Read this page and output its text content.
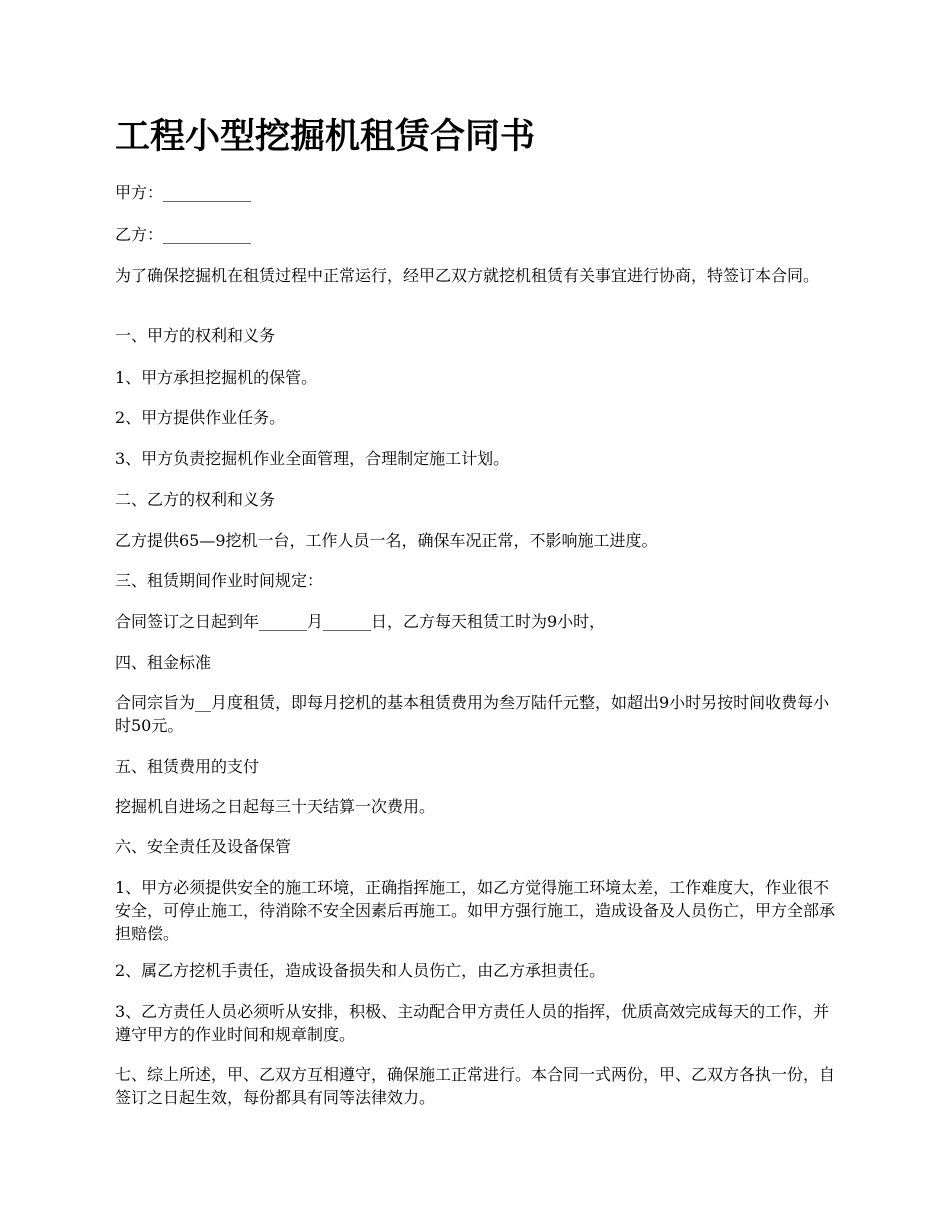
工程小型挖掘机租赁合同书

甲方：___________

乙方：___________

为了确保挖掘机在租赁过程中正常运行，经甲乙双方就挖机租赁有关事宜进行协商，特签订本合同。

一、甲方的权利和义务

1、甲方承担挖掘机的保管。

2、甲方提供作业任务。

3、甲方负责挖掘机作业全面管理，合理制定施工计划。

二、乙方的权利和义务

乙方提供65—9挖机一台，工作人员一名，确保车况正常，不影响施工进度。

三、租赁期间作业时间规定：

合同签订之日起到年______月______日，乙方每天租赁工时为9小时，

四、租金标准

合同宗旨为__月度租赁，即每月挖机的基本租赁费用为叁万陆仟元整，如超出9小时另按时间收费每小时50元。

五、租赁费用的支付

挖掘机自进场之日起每三十天结算一次费用。

六、安全责任及设备保管

1、甲方必须提供安全的施工环境，正确指挥施工，如乙方觉得施工环境太差，工作难度大，作业很不安全，可停止施工，待消除不安全因素后再施工。如甲方强行施工，造成设备及人员伤亡，甲方全部承担赔偿。

2、属乙方挖机手责任，造成设备损失和人员伤亡，由乙方承担责任。

3、乙方责任人员必须听从安排，积极、主动配合甲方责任人员的指挥，优质高效完成每天的工作，并遵守甲方的作业时间和规章制度。

七、综上所述，甲、乙双方互相遵守，确保施工正常进行。本合同一式两份，甲、乙双方各执一份，自签订之日起生效，每份都具有同等法律效力。
